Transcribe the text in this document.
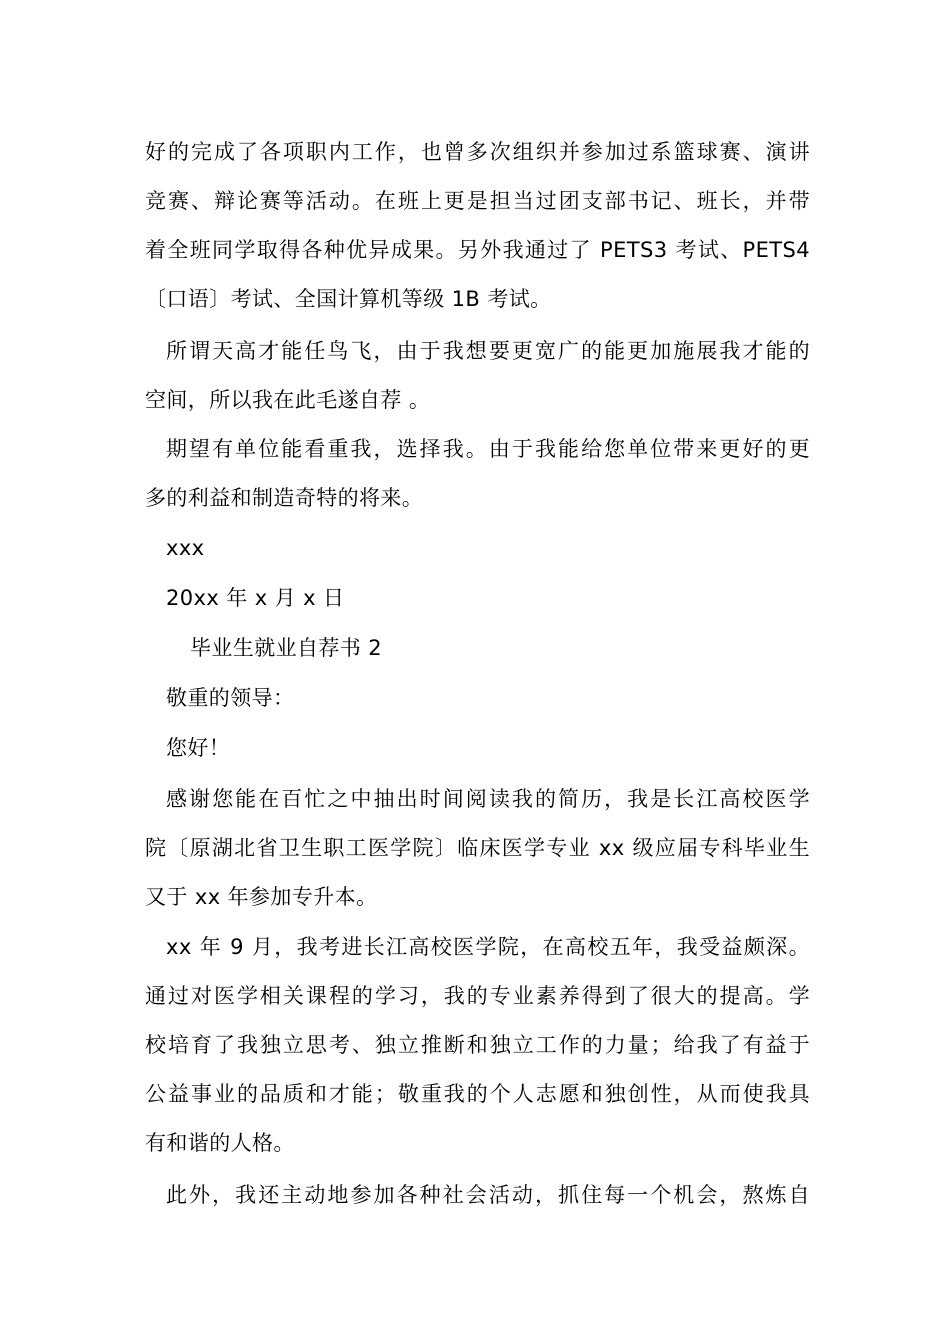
好的完成了各项职内工作，也曾多次组织并参加过系篮球赛、演讲
竞赛、辩论赛等活动。在班上更是担当过团支部书记、班长，并带
着全班同学取得各种优异成果。另外我通过了 PETS3 考试、PETS4
〔口语〕考试、全国计算机等级 1B 考试。
所谓天高才能任鸟飞，由于我想要更宽广的能更加施展我才能的
空间，所以我在此毛遂自荐 。
期望有单位能看重我，选择我。由于我能给您单位带来更好的更
多的利益和制造奇特的将来。
xxx
20xx 年 x 月 x 日
毕业生就业自荐书 2
敬重的领导：
您好！
感谢您能在百忙之中抽出时间阅读我的简历，我是长江高校医学
院〔原湖北省卫生职工医学院〕临床医学专业 xx 级应届专科毕业生
又于 xx 年参加专升本。
xx 年 9 月，我考进长江高校医学院，在高校五年，我受益颇深。
通过对医学相关课程的学习，我的专业素养得到了很大的提高。学
校培育了我独立思考、独立推断和独立工作的力量；给我了有益于
公益事业的品质和才能；敬重我的个人志愿和独创性，从而使我具
有和谐的人格。
此外，我还主动地参加各种社会活动，抓住每一个机会，熬炼自
